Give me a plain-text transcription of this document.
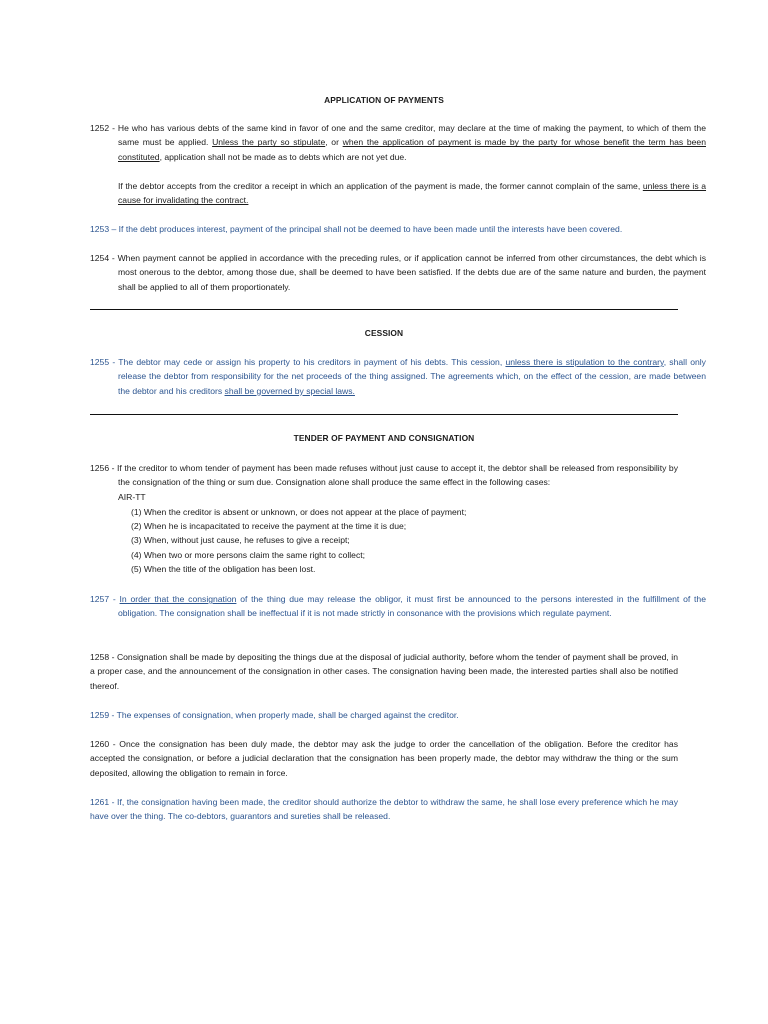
APPLICATION OF PAYMENTS
1252 - He who has various debts of the same kind in favor of one and the same creditor, may declare at the time of making the payment, to which of them the same must be applied. Unless the party so stipulate, or when the application of payment is made by the party for whose benefit the term has been constituted, application shall not be made as to debts which are not yet due.
If the debtor accepts from the creditor a receipt in which an application of the payment is made, the former cannot complain of the same, unless there is a cause for invalidating the contract.
1253 – If the debt produces interest, payment of the principal shall not be deemed to have been made until the interests have been covered.
1254 - When payment cannot be applied in accordance with the preceding rules, or if application cannot be inferred from other circumstances, the debt which is most onerous to the debtor, among those due, shall be deemed to have been satisfied. If the debts due are of the same nature and burden, the payment shall be applied to all of them proportionately.
CESSION
1255 - The debtor may cede or assign his property to his creditors in payment of his debts. This cession, unless there is stipulation to the contrary, shall only release the debtor from responsibility for the net proceeds of the thing assigned. The agreements which, on the effect of the cession, are made between the debtor and his creditors shall be governed by special laws.
TENDER OF PAYMENT AND CONSIGNATION
1256 - If the creditor to whom tender of payment has been made refuses without just cause to accept it, the debtor shall be released from responsibility by the consignation of the thing or sum due. Consignation alone shall produce the same effect in the following cases:
AIR-TT
(1) When the creditor is absent or unknown, or does not appear at the place of payment;
(2) When he is incapacitated to receive the payment at the time it is due;
(3) When, without just cause, he refuses to give a receipt;
(4) When two or more persons claim the same right to collect;
(5) When the title of the obligation has been lost.
1257 - In order that the consignation of the thing due may release the obligor, it must first be announced to the persons interested in the fulfillment of the obligation. The consignation shall be ineffectual if it is not made strictly in consonance with the provisions which regulate payment.
1258 - Consignation shall be made by depositing the things due at the disposal of judicial authority, before whom the tender of payment shall be proved, in a proper case, and the announcement of the consignation in other cases. The consignation having been made, the interested parties shall also be notified thereof.
1259 - The expenses of consignation, when properly made, shall be charged against the creditor.
1260 - Once the consignation has been duly made, the debtor may ask the judge to order the cancellation of the obligation. Before the creditor has accepted the consignation, or before a judicial declaration that the consignation has been properly made, the debtor may withdraw the thing or the sum deposited, allowing the obligation to remain in force.
1261 - If, the consignation having been made, the creditor should authorize the debtor to withdraw the same, he shall lose every preference which he may have over the thing. The co-debtors, guarantors and sureties shall be released.
